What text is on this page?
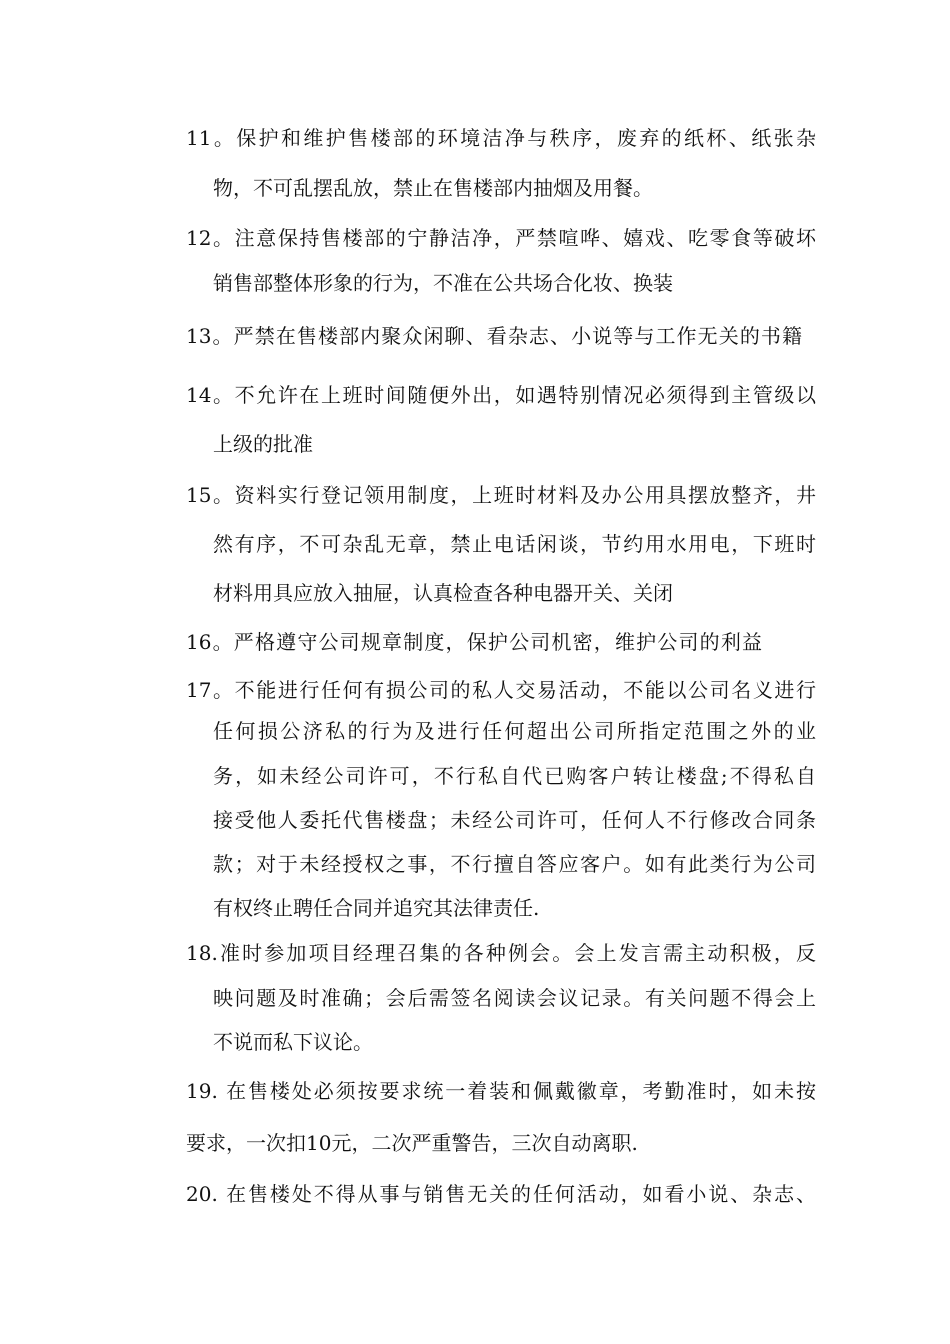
11。保护和维护售楼部的环境洁净与秩序，废弃的纸杯、纸张杂
物，不可乱摆乱放，禁止在售楼部内抽烟及用餐。
12。注意保持售楼部的宁静洁净，严禁喧哗、嬉戏、吃零食等破坏
销售部整体形象的行为，不准在公共场合化妆、换装
13。严禁在售楼部内聚众闲聊、看杂志、小说等与工作无关的书籍
14。不允许在上班时间随便外出，如遇特别情况必须得到主管级以
上级的批准
15。资料实行登记领用制度，上班时材料及办公用具摆放整齐，井
然有序，不可杂乱无章，禁止电话闲谈，节约用水用电，下班时
材料用具应放入抽屉，认真检查各种电器开关、关闭
16。严格遵守公司规章制度，保护公司机密，维护公司的利益
17。不能进行任何有损公司的私人交易活动，不能以公司名义进行
任何损公济私的行为及进行任何超出公司所指定范围之外的业
务，如未经公司许可，不行私自代已购客户转让楼盘;不得私自
接受他人委托代售楼盘；未经公司许可，任何人不行修改合同条
款；对于未经授权之事，不行擅自答应客户。如有此类行为公司
有权终止聘任合同并追究其法律责任.
18.准时参加项目经理召集的各种例会。会上发言需主动积极，反
映问题及时准确；会后需签名阅读会议记录。有关问题不得会上
不说而私下议论。
19. 在售楼处必须按要求统一着装和佩戴徽章，考勤准时，如未按
要求，一次扣10元，二次严重警告，三次自动离职.
20. 在售楼处不得从事与销售无关的任何活动，如看小说、杂志、
